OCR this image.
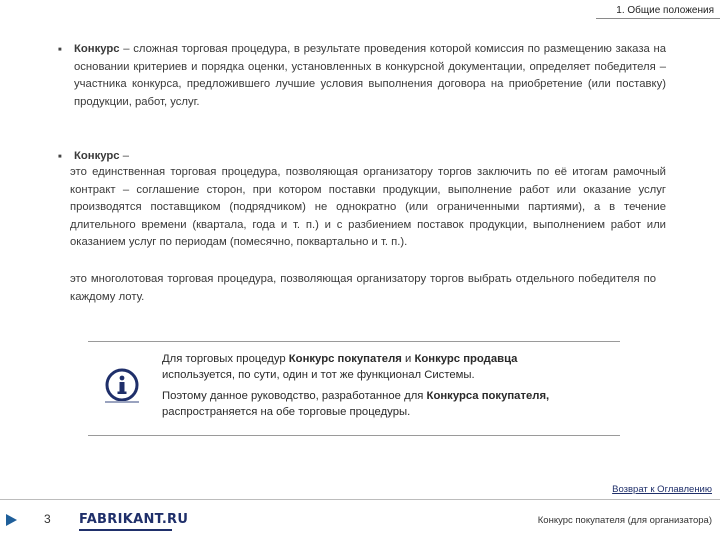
1. Общие положения
■ Конкурс – сложная торговая процедура, в результате проведения которой комиссия по размещению заказа на основании критериев и порядка оценки, установленных в конкурсной документации, определяет победителя – участника конкурса, предложившего лучшие условия выполнения договора на приобретение (или поставку) продукции, работ, услуг.
■ Конкурс –
это единственная торговая процедура, позволяющая организатору торгов заключить по её итогам рамочный контракт – соглашение сторон, при котором поставки продукции, выполнение работ или оказание услуг производятся поставщиком (подрядчиком) не однократно (или ограниченными партиями), а в течение длительного времени (квартала, года и т. п.) и с разбиением поставок продукции, выполнением работ или оказанием услуг по периодам (помесячно, поквартально и т. п.).
это многолотовая торговая процедура, позволяющая организатору торгов выбрать отдельного победителя по каждому лоту.
Для торговых процедур Конкурс покупателя и Конкурс продавца
используется, по сути, один и тот же функционал Системы.
Поэтому данное руководство, разработанное для Конкурса покупателя,
распространяется на обе торговые процедуры.
Возврат к Оглавлению
3 FABRIKANT.RU	Конкурс покупателя (для организатора)
